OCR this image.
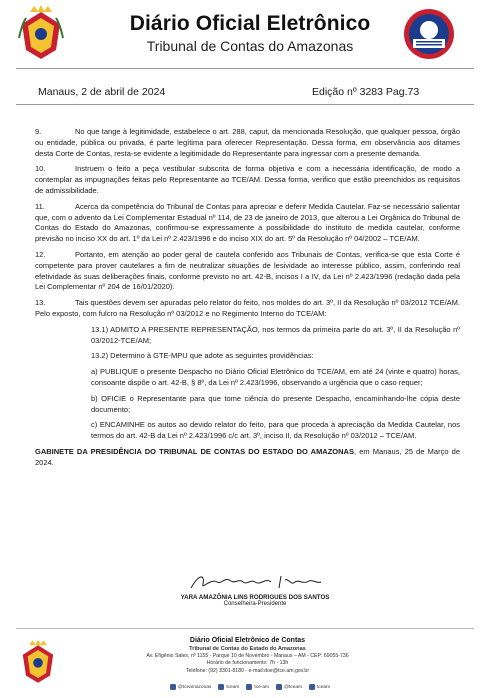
Diário Oficial Eletrônico
Tribunal de Contas do Amazonas
Manaus, 2 de abril de 2024	Edição nº 3283 Pag.73

9.	No que tange à legitimidade, estabelece o art. 288, caput, da mencionada Resolução, que qualquer pessoa, órgão ou entidade, pública ou privada, é parte legítima para oferecer Representação. Dessa forma, em observância aos ditames desta Corte de Contas, resta-se evidente a legitimidade do Representante para ingressar com a presente demanda.

10.	Instruem o feito a peça vestibular subscrita de forma objetiva e com a necessária identificação, de modo a contemplar as impugnações feitas pelo Representante ao TCE/AM. Dessa forma, verifico que estão preenchidos os requisitos de admissibilidade.

11.	Acerca da competência do Tribunal de Contas para apreciar e deferir Medida Cautelar. Faz-se necessário salientar que, com o advento da Lei Complementar Estadual nº 114, de 23 de janeiro de 2013, que alterou a Lei Orgânica do Tribunal de Contas do Estado do Amazonas, confirmou-se expressamente a possibilidade do instituto de medida cautelar, conforme previsão no inciso XX do art. 1º da Lei nº 2.423/1996 e do inciso XIX do art. 5º da Resolução nº 04/2002 – TCE/AM.

12.	Portanto, em atenção ao poder geral de cautela conferido aos Tribunais de Contas, verifica-se que esta Corte é competente para prover cautelares a fim de neutralizar situações de lesividade ao interesse público, assim, conferindo real efetividade às suas deliberações finais, conforme previsto no art. 42-B, incisos I a IV, da Lei nº 2.423/1996 (redação dada pela Lei Complementar nº 204 de 16/01/2020).

13.	Tais questões devem ser apuradas pelo relator do feito, nos moldes do art. 3º, II da Resolução nº 03/2012 TCE/AM. Pelo exposto, com fulcro na Resolução nº 03/2012 e no Regimento Interno do TCE/AM:

13.1) ADMITO A PRESENTE REPRESENTAÇÃO, nos termos da primeira parte do art. 3º, II da Resolução nº 03/2012-TCE/AM;

13.2) Determino à GTE-MPU que adote as seguintes providências:

a) PUBLIQUE o presente Despacho no Diário Oficial Eletrônico do TCE/AM, em até 24 (vinte e quatro) horas, consoante dispõe o art. 42-B, § 8º, da Lei nº 2.423/1996, observando a urgência que o caso requer;

b) OFICIE o Representante para que tome ciência do presente Despacho, encaminhando-lhe cópia deste documento;

c) ENCAMINHE os autos ao devido relator do feito, para que proceda à apreciação da Medida Cautelar, nos termos do art. 42-B da Lei nº 2.423/1996 c/c art. 3º, inciso II, da Resolução nº 03/2012 – TCE/AM.

GABINETE DA PRESIDÊNCIA DO TRIBUNAL DE CONTAS DO ESTADO DO AMAZONAS, em Manaus, 25 de Março de 2024.

YARA AMAZÔNIA LINS RODRIGUES DOS SANTOS
Conselheira-Presidente
Diário Oficial Eletrônico de Contas
Tribunal de Contas do Estado do Amazonas
Av. Efigênio Sales, nº 1155 - Parque 10 de Novembro - Manaus – AM - CEP: 69055-736
Horário de funcionamento: 7h - 13h
Telefone: (92) 3301-8180 - e-mail:doe@tce.am.gov.br
@tceamazonas	tceam	tce-am	@tceam	tceam
